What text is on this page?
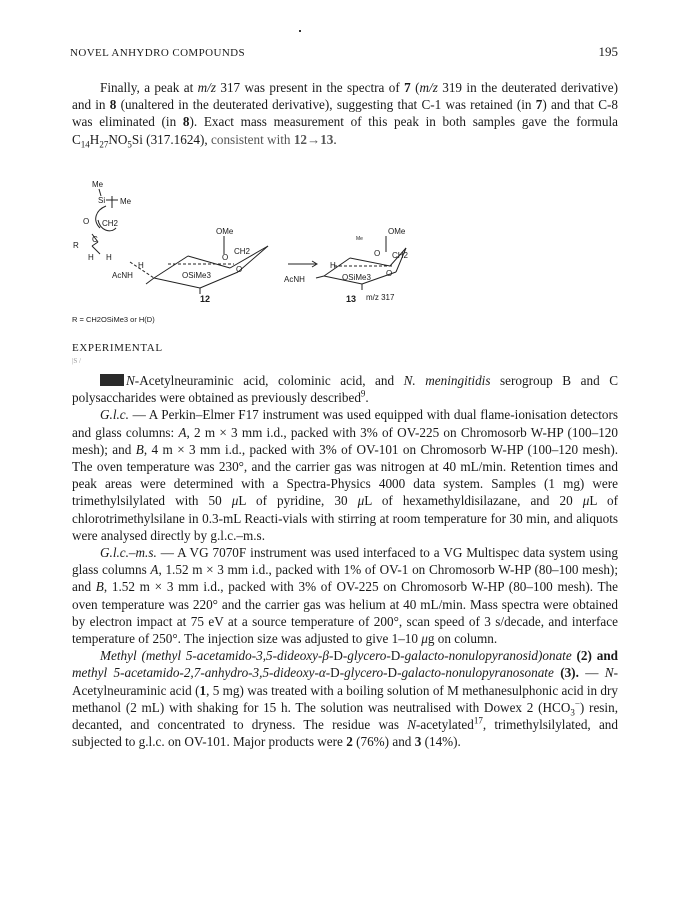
NOVEL ANHYDRO COMPOUNDS	195

Finally, a peak at m/z 317 was present in the spectra of 7 (m/z 319 in the deuterated derivative) and in 8 (unaltered in the deuterated derivative), suggesting that C-1 was retained (in 7) and that C-8 was eliminated (in 8). Exact mass measurement of this peak in both samples gave the formula $C_{14}H_{27}NO_5Si$ (317.1624), consistent with 12→13.

Me
Si Me
O CH2
C
R
H H
OMe
CH2
O
O
AcNH	OSiMe3
H
12
OMe
Me
O CH2
O
H
AcNH	OSiMe3
13 m/z 317
R = CH2OSiMe3 or H(D)
EXPERIMENTAL
|S /

N-Acetylneuraminic acid, colominic acid, and N. meningitidis serogroup B and C polysaccharides were obtained as previously described$^9$.

G.l.c. — A Perkin–Elmer F17 instrument was used equipped with dual flame-ionisation detectors and glass columns: A, 2 m × 3 mm i.d., packed with 3% of OV-225 on Chromosorb W-HP (100–120 mesh); and B, 4 m × 3 mm i.d., packed with 3% of OV-101 on Chromosorb W-HP (100–120 mesh). The oven temperature was 230°, and the carrier gas was nitrogen at 40 mL/min. Retention times and peak areas were determined with a Spectra-Physics 4000 data system. Samples (1 mg) were trimethylsilylated with 50 μL of pyridine, 30 μL of hexamethyldisilazane, and 20 μL of chlorotrimethylsilane in 0.3-mL Reacti-vials with stirring at room temperature for 30 min, and aliquots were analysed directly by g.l.c.–m.s.

G.l.c.–m.s. — A VG 7070F instrument was used interfaced to a VG Multispec data system using glass columns A, 1.52 m × 3 mm i.d., packed with 1% of OV-1 on Chromosorb W-HP (80–100 mesh); and B, 1.52 m × 3 mm i.d., packed with 3% of OV-225 on Chromosorb W-HP (80–100 mesh). The oven temperature was 220° and the carrier gas was helium at 40 mL/min. Mass spectra were obtained by electron impact at 75 eV at a source temperature of 200°, scan speed of 3 s/decade, and interface temperature of 250°. The injection size was adjusted to give 1–10 μg on column.

Methyl (methyl 5-acetamido-3,5-dideoxy-β-D-glycero-D-galacto-nonulopyranosid)onate (2) and methyl 5-acetamido-2,7-anhydro-3,5-dideoxy-α-D-glycero-D-galacto-nonulopyranosonate (3). — N-Acetylneuraminic acid (1, 5 mg) was treated with a boiling solution of M methanesulphonic acid in dry methanol (2 mL) with shaking for 15 h. The solution was neutralised with Dowex 2 $(HCO_3^-)$ resin, decanted, and concentrated to dryness. The residue was N-acetylated$^{17}$, trimethylsilylated, and subjected to g.l.c. on OV-101. Major products were 2 (76%) and 3 (14%).
